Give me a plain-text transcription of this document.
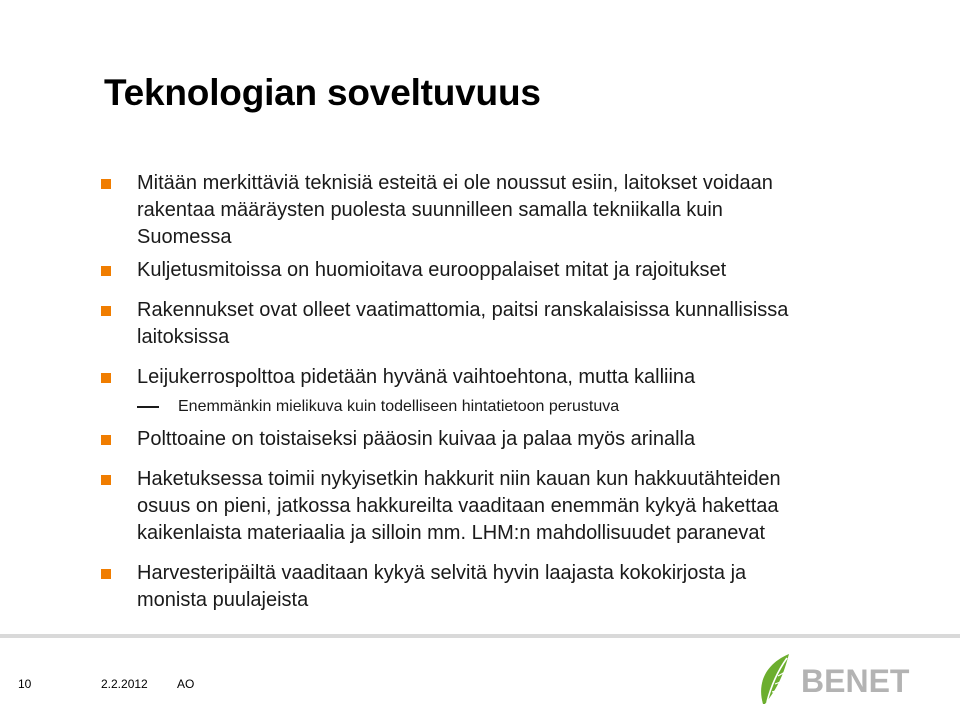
Teknologian soveltuvuus
Mitään merkittäviä teknisiä esteitä ei ole noussut esiin, laitokset voidaan
rakentaa määräysten puolesta suunnilleen samalla tekniikalla kuin
Suomessa
Kuljetusmitoissa on huomioitava eurooppalaiset mitat ja rajoitukset
Rakennukset ovat olleet vaatimattomia, paitsi ranskalaisissa kunnallisissa
laitoksissa
Leijukerrospolttoa pidetään hyvänä vaihtoehtona, mutta kalliina
Enemmänkin mielikuva kuin todelliseen hintatietoon perustuva
Polttoaine on toistaiseksi pääosin kuivaa ja palaa myös arinalla
Haketuksessa toimii nykyisetkin hakkurit niin kauan kun hakkuutähteiden
osuus on pieni, jatkossa hakkureilta vaaditaan enemmän kykyä hakettaa
kaikenlaista materiaalia ja silloin mm. LHM:n mahdollisuudet paranevat
Harvesteripäiltä vaaditaan kykyä selvitä hyvin laajasta kokokirjosta ja
monista puulajeista
10	2.2.2012 AO	BENET
